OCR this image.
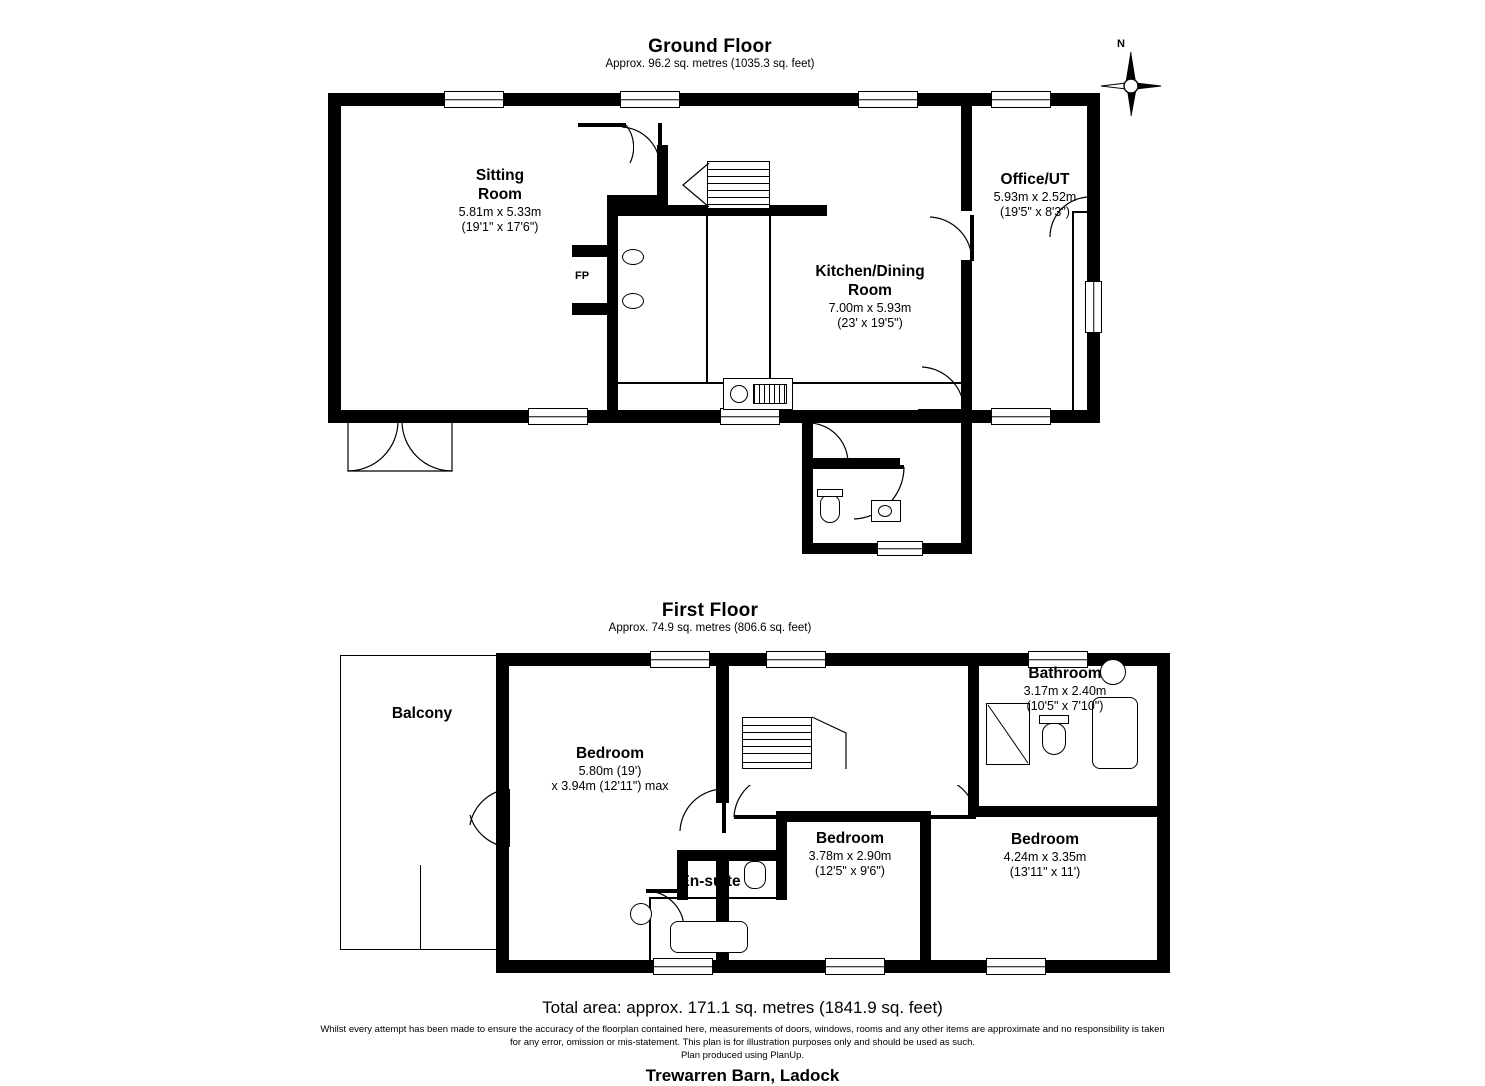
Ground Floor
Approx. 96.2 sq. metres (1035.3 sq. feet)
N
FP
Sitting
Room
5.81m x 5.33m
(19'1" x 17'6")
Kitchen/Dining
Room
7.00m x 5.93m
(23' x 19'5")
Office/UT
5.93m x 2.52m
(19'5" x 8'3")
First Floor
Approx. 74.9 sq. metres (806.6 sq. feet)
Balcony
Bedroom
5.80m (19')
x 3.94m (12'11") max
Bedroom
3.78m x 2.90m
(12'5" x 9'6")
Bedroom
4.24m x 3.35m
(13'11" x 11')
Bathroom
3.17m x 2.40m
(10'5" x 7'10")
En-suite
Total area: approx. 171.1 sq. metres (1841.9 sq. feet)
Whilst every attempt has been made to ensure the accuracy of the floorplan contained here, measurements of doors, windows, rooms and any other items are approximate and no responsibility is taken
for any error, omission or mis-statement. This plan is for illustration purposes only and should be used as such.
Plan produced using PlanUp.
Trewarren Barn, Ladock
